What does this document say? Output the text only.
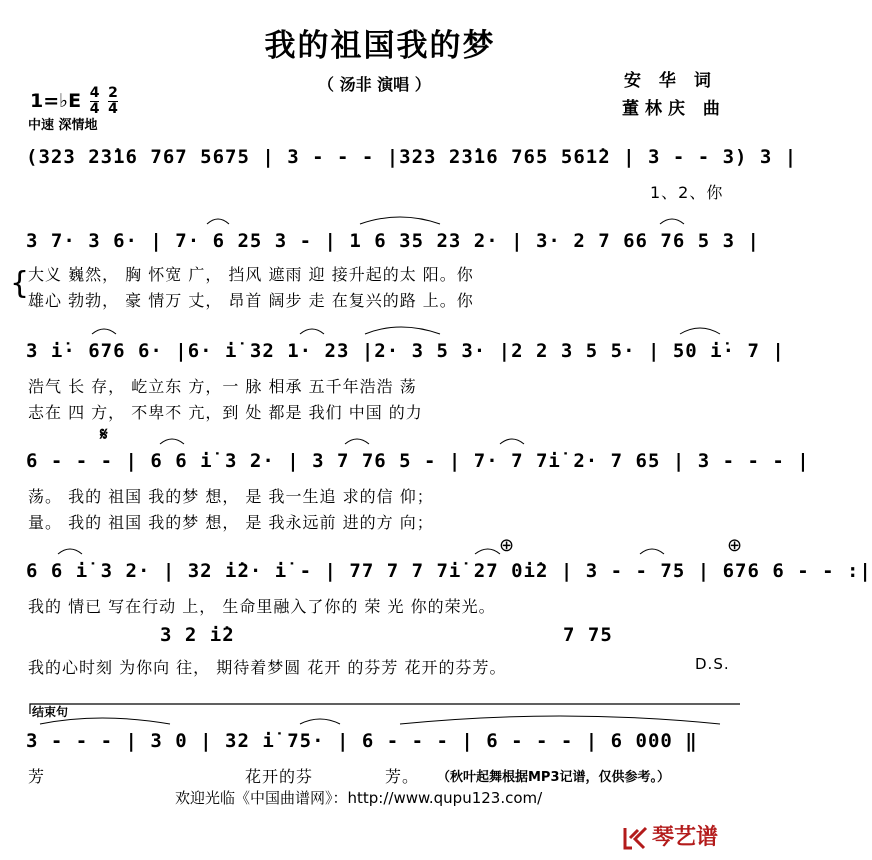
我的祖国我的梦
（ 汤非 演唱 ）	安 华 词
董林庆 曲
1=♭E $\frac{4}{4}$
$\frac{2}{4}$
中速 深情地
(323 23̇16 767 5675 | 3 - - - |323 23̇16 765 561̇2 | 3 - - 3) 3 |
1、2、你
3 7· 3 6· | 7· 6 25 3 - | 1 6 35 23 2· | 3· 2 7 66 76 5 3 |
{
大义 巍然， 胸 怀宽 广， 挡风 遮雨 迎 接升起的太 阳。你
雄心 勃勃， 豪 情万 丈， 昂首 阔步 走 在复兴的路 上。你
3 i̇· 676 6· |6· i̇ 32 1· 23 |2· 3 5 3· |2 2 3 5 5· | 50 i̇· 7 |
浩气 长 存， 屹立东 方，一 脉 相承 五千年浩浩 荡
志在 四 方， 不卑不 亢，到 处 都是 我们 中国 的力
𝄋
6 - - - | 6 6 i̇ 3 2· | 3 7 76 5 - | 7· 7 7i̇ 2· 7 65 | 3 - - - |
荡。 我的 祖国 我的梦 想， 是 我一生追 求的信 仰；
量。 我的 祖国 我的梦 想， 是 我永远前 进的方 向；
⊕	⊕
6 6 i̇ 3 2· | 32 i̇2· i̇ - | 77 7 7 7i̇ 27 0i̇2 | 3 - - 75 | 676 6 - - :|
我的 情已 写在行动 上， 生命里融入了你的 荣 光 你的荣光。
3 2 i̇2	7 75
我的心时刻 为你向 往， 期待着梦圆 花开 的芬芳 花开的芬芳。	D.S.
结束句
3 - - - | 3 0 | 32 i̇ 75· | 6 - - - | 6 - - - | 6 000 ‖
芳	花开的芬	芳。 （秋叶起舞根据MP3记谱，仅供参考。）
欢迎光临《中国曲谱网》：http://www.qupu123.com/
琴艺谱
